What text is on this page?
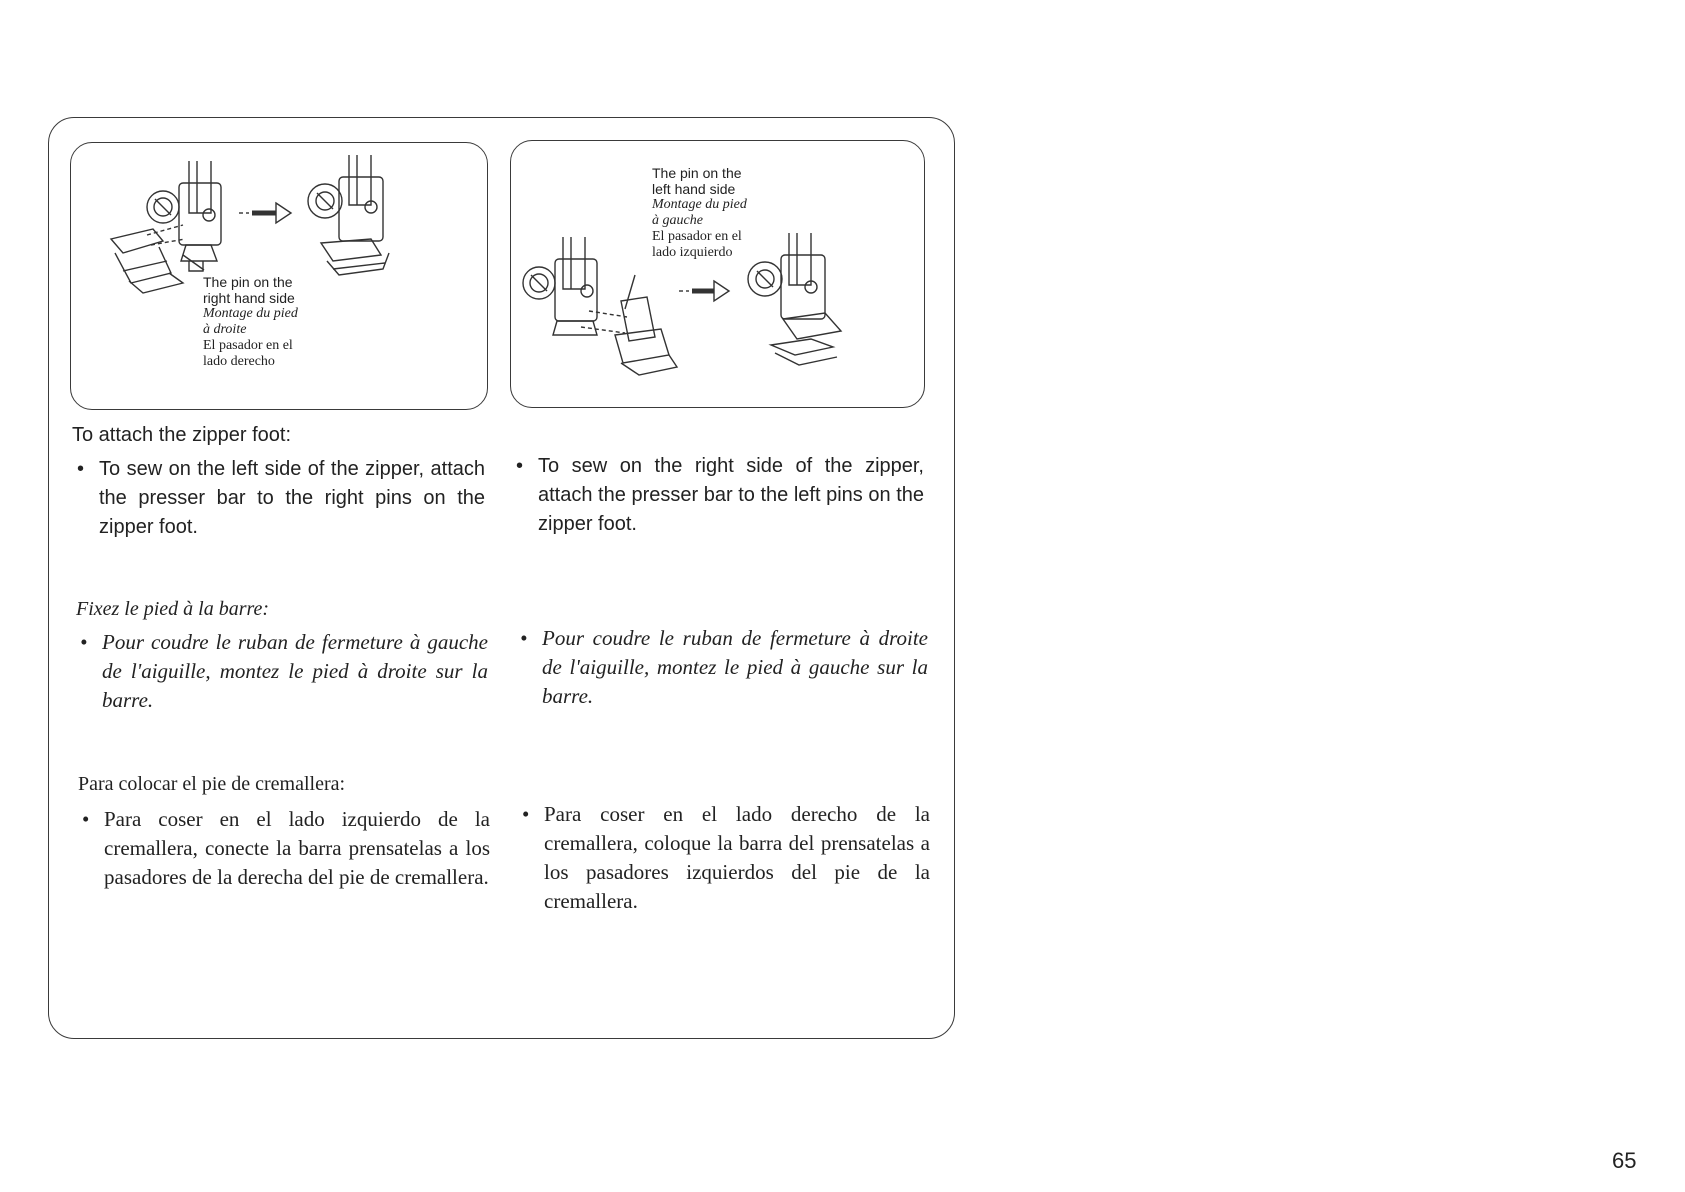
The pin on the
right hand side
Montage du pied
à droite
El pasador en el
lado derecho
The pin on the
left hand side
Montage du pied
à gauche
El pasador en el
lado izquierdo
To attach the zipper foot:
• To sew on the left side of the zipper, attach the presser bar to the right pins on the zipper foot.

• To sew on the right side of the zipper, attach the presser bar to the left pins on the zipper foot.

Fixez le pied à la barre:
• Pour coudre le ruban de fermeture à gauche de l'aiguille, montez le pied à droite sur la barre.

• Pour coudre le ruban de fermeture à droite de l'aiguille, montez le pied à gauche sur la barre.

Para colocar el pie de cremallera:
• Para coser en el lado izquierdo de la cremallera, conecte la barra prensatelas a los pasadores de la derecha del pie de cremallera.

• Para coser en el lado derecho de la cremallera, coloque la barra del prensatelas a los pasadores izquierdos del pie de la cremallera.

65
